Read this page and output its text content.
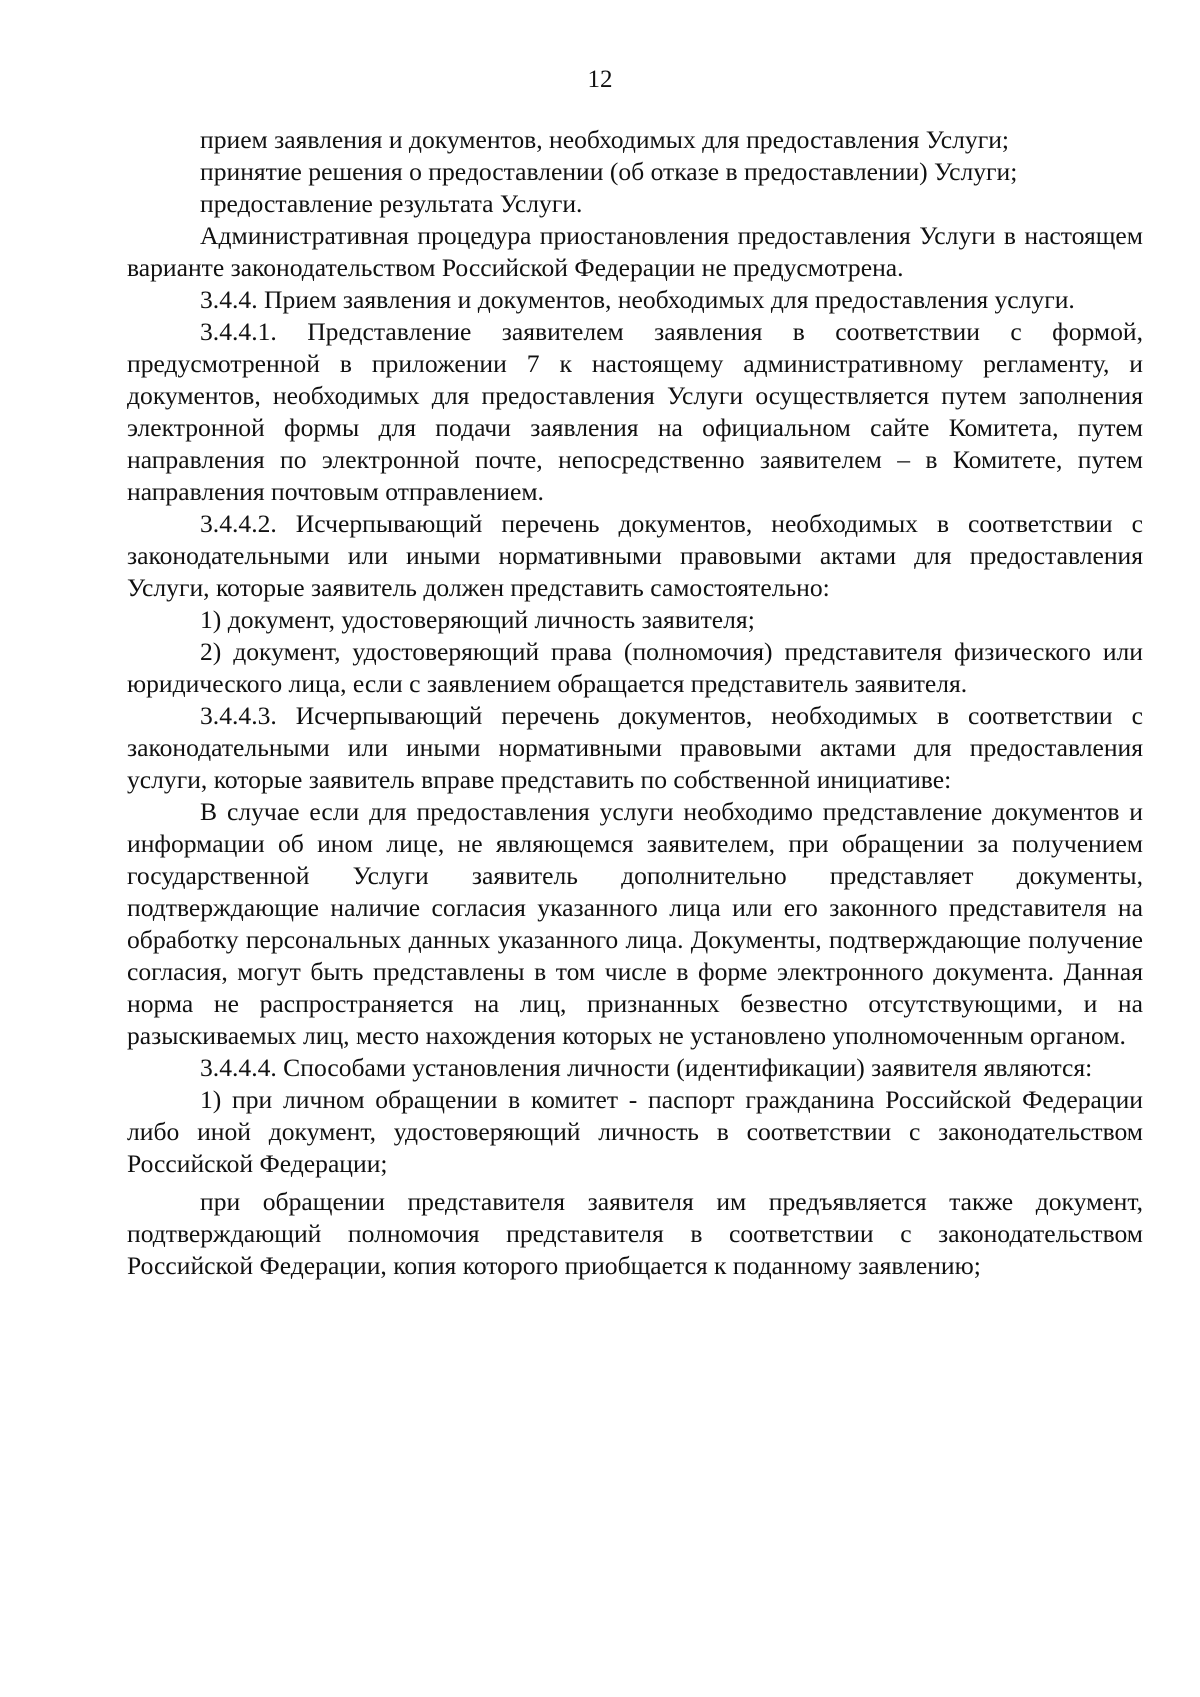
12

прием заявления и документов, необходимых для предоставления Услуги;

принятие решения о предоставлении (об отказе в предоставлении) Услуги;

предоставление результата Услуги.

Административная процедура приостановления предоставления Услуги в настоящем варианте законодательством Российской Федерации не предусмотрена.

3.4.4. Прием заявления и документов, необходимых для предоставления услуги.

3.4.4.1. Представление заявителем заявления в соответствии с формой, предусмотренной в приложении 7 к настоящему административному регламенту, и документов, необходимых для предоставления Услуги осуществляется путем заполнения электронной формы для подачи заявления на официальном сайте Комитета, путем направления по электронной почте, непосредственно заявителем – в Комитете, путем направления почтовым отправлением.

3.4.4.2. Исчерпывающий перечень документов, необходимых в соответствии с законодательными или иными нормативными правовыми актами для предоставления Услуги, которые заявитель должен представить самостоятельно:

1) документ, удостоверяющий личность заявителя;

2) документ, удостоверяющий права (полномочия) представителя физического или юридического лица, если с заявлением обращается представитель заявителя.

3.4.4.3. Исчерпывающий перечень документов, необходимых в соответствии с законодательными или иными нормативными правовыми актами для предоставления услуги, которые заявитель вправе представить по собственной инициативе:

В случае если для предоставления услуги необходимо представление документов и информации об ином лице, не являющемся заявителем, при обращении за получением государственной Услуги заявитель дополнительно представляет документы, подтверждающие наличие согласия указанного лица или его законного представителя на обработку персональных данных указанного лица. Документы, подтверждающие получение согласия, могут быть представлены в том числе в форме электронного документа. Данная норма не распространяется на лиц, признанных безвестно отсутствующими, и на разыскиваемых лиц, место нахождения которых не установлено уполномоченным органом.

3.4.4.4. Способами установления личности (идентификации) заявителя являются:

1) при личном обращении в комитет - паспорт гражданина Российской Федерации либо иной документ, удостоверяющий личность в соответствии с законодательством Российской Федерации;

при обращении представителя заявителя им предъявляется также документ, подтверждающий полномочия представителя в соответствии с законодательством Российской Федерации, копия которого приобщается к поданному заявлению;
